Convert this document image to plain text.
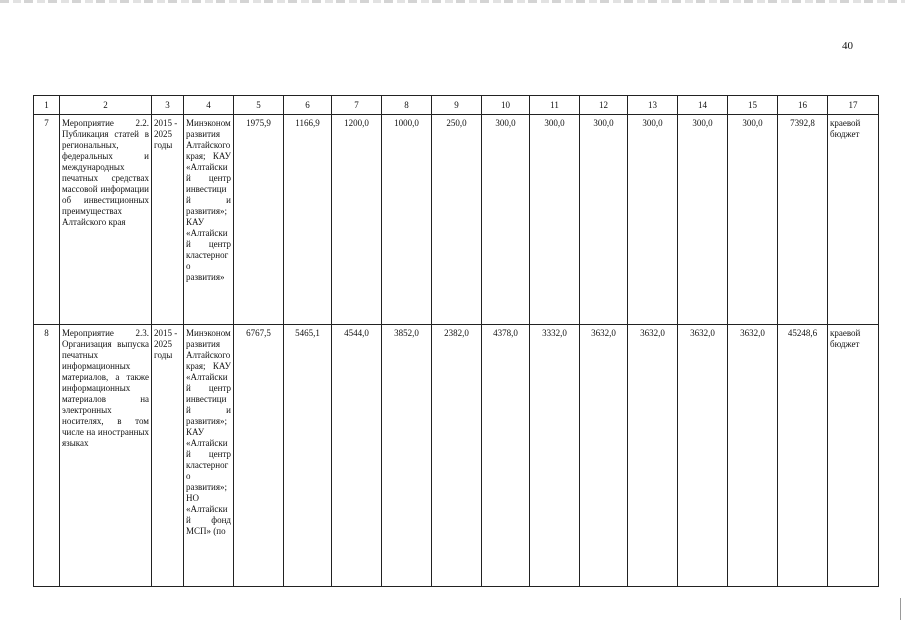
40
1	2	3	4	5	6	7	8	9	10	11	12	13	14	15	16	17
7	Мероприятие 2.2. Публикация статей в региональных, федеральных и международных печатных средствах массовой информации об инвестиционных преимуществах Алтайского края	2015 - 2025 годы	Минэкономразвития Алтайского края; КАУ «Алтайский центр инвестиций и развития»; КАУ «Алтайский центр кластерного развития»	1975,9	1166,9	1200,0	1000,0	250,0	300,0	300,0	300,0	300,0	300,0	300,0	7392,8	краевой бюджет
8	Мероприятие 2.3. Организация выпуска печатных информационных материалов, а также информационных материалов на электронных носителях, в том числе на иностранных языках	2015 - 2025 годы	Минэкономразвития Алтайского края; КАУ «Алтайский центр инвестиций и развития»; КАУ «Алтайский центр кластерного развития»; НО «Алтайский фонд МСП» (по	6767,5	5465,1	4544,0	3852,0	2382,0	4378,0	3332,0	3632,0	3632,0	3632,0	3632,0	45248,6	краевой бюджет
